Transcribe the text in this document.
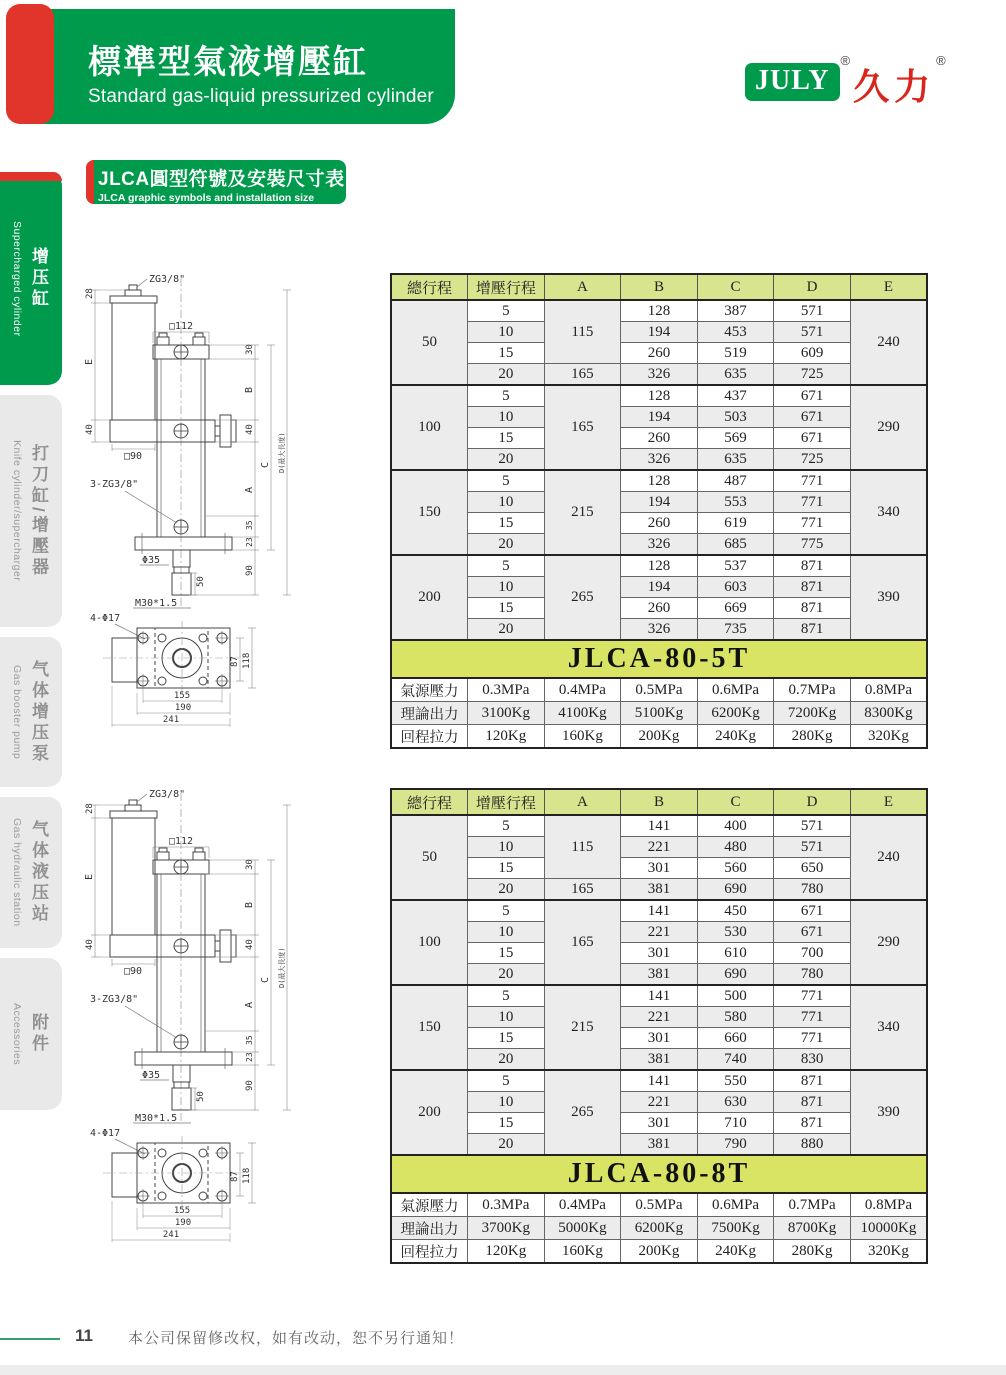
標準型氣液增壓缸
Standard gas-liquid pressurized cylinder
JULY
®
久力
®
JLCA圓型符號及安裝尺寸表
JLCA graphic symbols and installation size
Supercharged cylinder 增压缸
Knife cylinder/supercharger 打刀缸/增壓器
Gas booster pump 气体增压泵
Gas hydraulic station 气体液压站
Accessories 附件
ZG3/8"
□112
□90
3-ZG3/8"
Φ35
M30*1.5
50
28
E
40
30
B
40
A
35
23
90
C D(最大長度)
4-Φ17
87 118
155
190
241
ZG3/8"
□112
□90
3-ZG3/8"
Φ35
M30*1.5
50
28
E
40
30
B
40
A
35
23
90
C D(最大長度)
4-Φ17
87 118
155
190
241
總行程	增壓行程	A	B	C	D	E
50	5	115	128	387	571	240
	10		194	453	571	
	15		260	519	609	
	20	165	326	635	725	
100	5	165	128	437	671	290
	10		194	503	671	
	15		260	569	671	
	20		326	635	725	
150	5	215	128	487	771	340
	10		194	553	771	
	15		260	619	771	
	20		326	685	775	
200	5	265	128	537	871	390
	10		194	603	871	
	15		260	669	871	
	20		326	735	871	
JLCA-80-5T
氣源壓力	0.3MPa	0.4MPa	0.5MPa	0.6MPa	0.7MPa	0.8MPa
理論出力	3100Kg	4100Kg	5100Kg	6200Kg	7200Kg	8300Kg
回程拉力	120Kg	160Kg	200Kg	240Kg	280Kg	320Kg
總行程	增壓行程	A	B	C	D	E
50	5	115	141	400	571	240
	10		221	480	571	
	15		301	560	650	
	20	165	381	690	780	
100	5	165	141	450	671	290
	10		221	530	671	
	15		301	610	700	
	20		381	690	780	
150	5	215	141	500	771	340
	10		221	580	771	
	15		301	660	771	
	20		381	740	830	
200	5	265	141	550	871	390
	10		221	630	871	
	15		301	710	871	
	20		381	790	880	
JLCA-80-8T
氣源壓力	0.3MPa	0.4MPa	0.5MPa	0.6MPa	0.7MPa	0.8MPa
理論出力	3700Kg	5000Kg	6200Kg	7500Kg	8700Kg	10000Kg
回程拉力	120Kg	160Kg	200Kg	240Kg	280Kg	320Kg
11 本公司保留修改权，如有改动，恕不另行通知！
